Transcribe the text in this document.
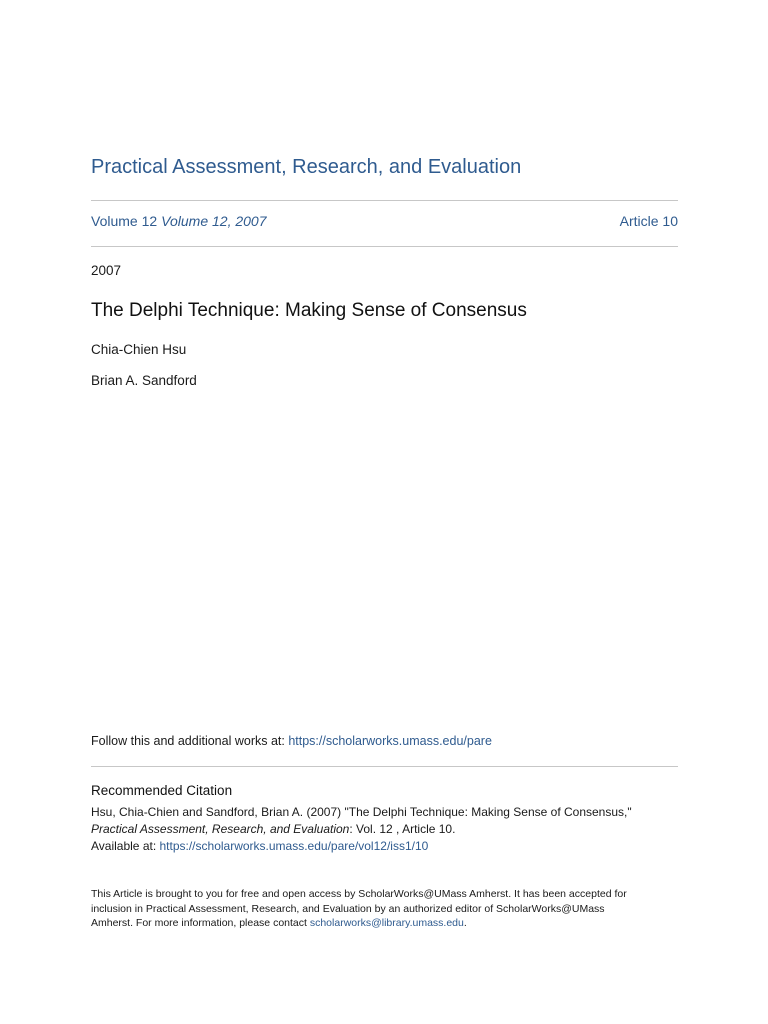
Practical Assessment, Research, and Evaluation
Volume 12 Volume 12, 2007	Article 10
2007
The Delphi Technique: Making Sense of Consensus
Chia-Chien Hsu
Brian A. Sandford
Follow this and additional works at: https://scholarworks.umass.edu/pare
Recommended Citation
Hsu, Chia-Chien and Sandford, Brian A. (2007) "The Delphi Technique: Making Sense of Consensus,"
Practical Assessment, Research, and Evaluation: Vol. 12 , Article 10.
Available at: https://scholarworks.umass.edu/pare/vol12/iss1/10
This Article is brought to you for free and open access by ScholarWorks@UMass Amherst. It has been accepted for
inclusion in Practical Assessment, Research, and Evaluation by an authorized editor of ScholarWorks@UMass
Amherst. For more information, please contact scholarworks@library.umass.edu.
